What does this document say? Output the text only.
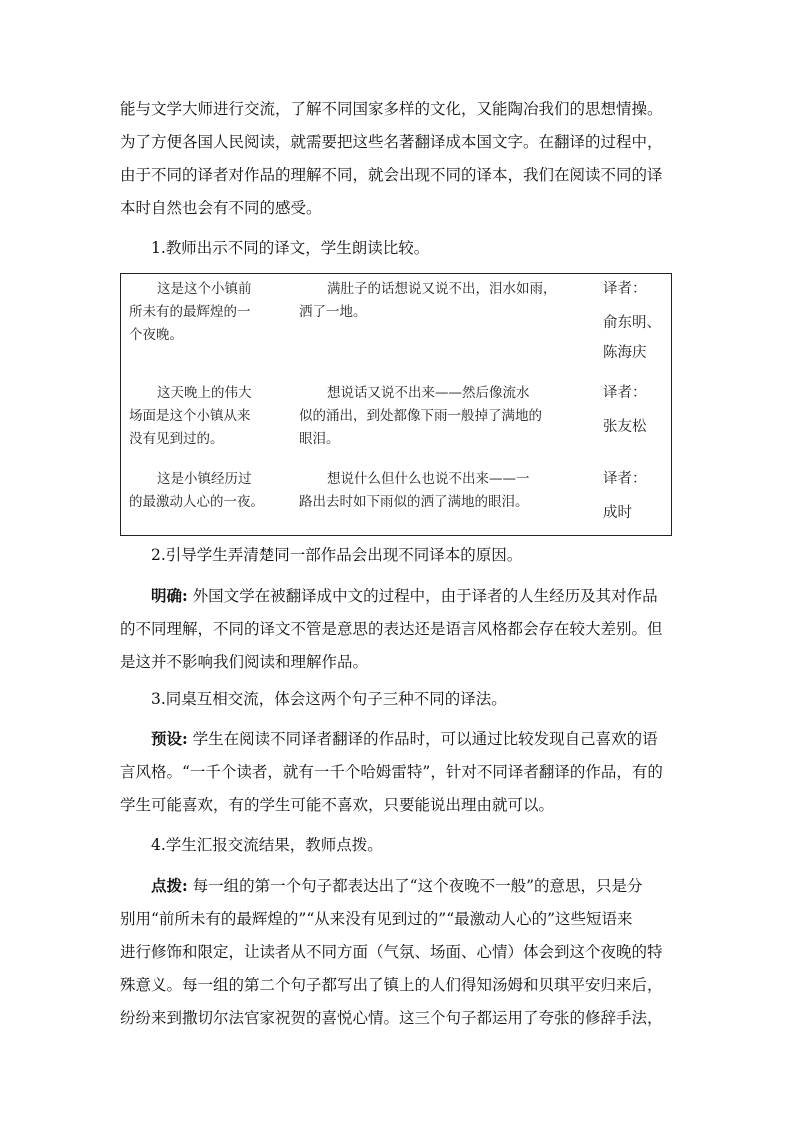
能与文学大师进行交流，了解不同国家多样的文化，又能陶冶我们的思想情操。

为了方便各国人民阅读，就需要把这些名著翻译成本国文字。在翻译的过程中，

由于不同的译者对作品的理解不同，就会出现不同的译本，我们在阅读不同的译

本时自然也会有不同的感受。

1.教师出示不同的译文，学生朗读比较。

这是这个小镇前

所未有的最辉煌的一

个夜晚。

满肚子的话想说又说不出，泪水如雨，

洒了一地。

译者：

俞东明、

陈海庆

这天晚上的伟大

场面是这个小镇从来

没有见到过的。

想说话又说不出来——然后像流水

似的涌出，到处都像下雨一般掉了满地的

眼泪。

译者：

张友松

这是小镇经历过

的最激动人心的一夜。

想说什么但什么也说不出来——一

路出去时如下雨似的洒了满地的眼泪。

译者：

成时

2.引导学生弄清楚同一部作品会出现不同译本的原因。

明确: 外国文学在被翻译成中文的过程中，由于译者的人生经历及其对作品

的不同理解，不同的译文不管是意思的表达还是语言风格都会存在较大差别。但

是这并不影响我们阅读和理解作品。

3.同桌互相交流，体会这两个句子三种不同的译法。

预设: 学生在阅读不同译者翻译的作品时，可以通过比较发现自己喜欢的语

言风格。“一千个读者，就有一千个哈姆雷特”，针对不同译者翻译的作品，有的

学生可能喜欢，有的学生可能不喜欢，只要能说出理由就可以。

4.学生汇报交流结果，教师点拨。

点拨: 每一组的第一个句子都表达出了“这个夜晚不一般”的意思，只是分

别用“前所未有的最辉煌的”“从来没有见到过的”“最激动人心的”这些短语来

进行修饰和限定，让读者从不同方面（气氛、场面、心情）体会到这个夜晚的特

殊意义。每一组的第二个句子都写出了镇上的人们得知汤姆和贝琪平安归来后，

纷纷来到撒切尔法官家祝贺的喜悦心情。这三个句子都运用了夸张的修辞手法，
